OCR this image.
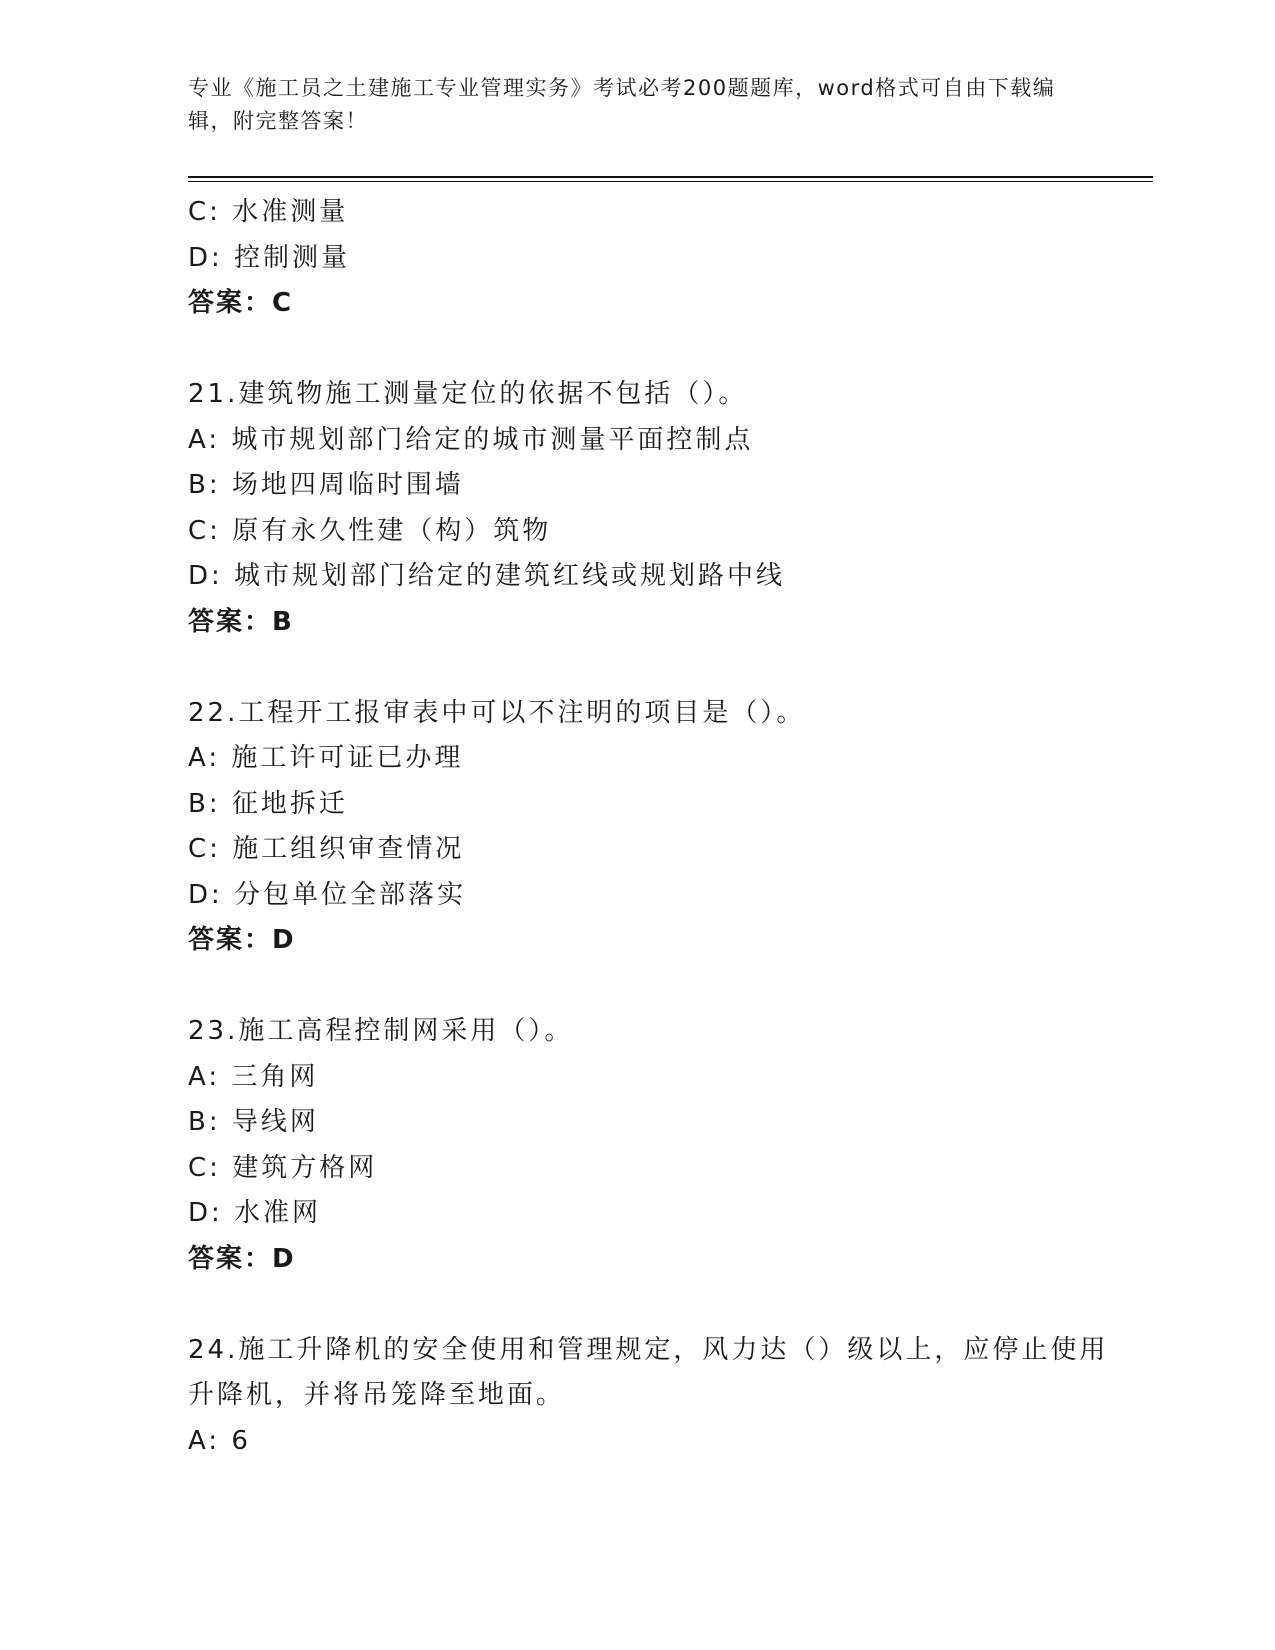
专业《施工员之土建施工专业管理实务》考试必考200题题库，word格式可自由下载编辑，附完整答案！
C: 水准测量
D: 控制测量
答案：C
21.建筑物施工测量定位的依据不包括（）。
A: 城市规划部门给定的城市测量平面控制点
B: 场地四周临时围墙
C: 原有永久性建（构）筑物
D: 城市规划部门给定的建筑红线或规划路中线
答案：B
22.工程开工报审表中可以不注明的项目是（）。
A: 施工许可证已办理
B: 征地拆迁
C: 施工组织审查情况
D: 分包单位全部落实
答案：D
23.施工高程控制网采用（）。
A: 三角网
B: 导线网
C: 建筑方格网
D: 水准网
答案：D
24.施工升降机的安全使用和管理规定，风力达（）级以上，应停止使用升降机，并将吊笼降至地面。
A: 6
